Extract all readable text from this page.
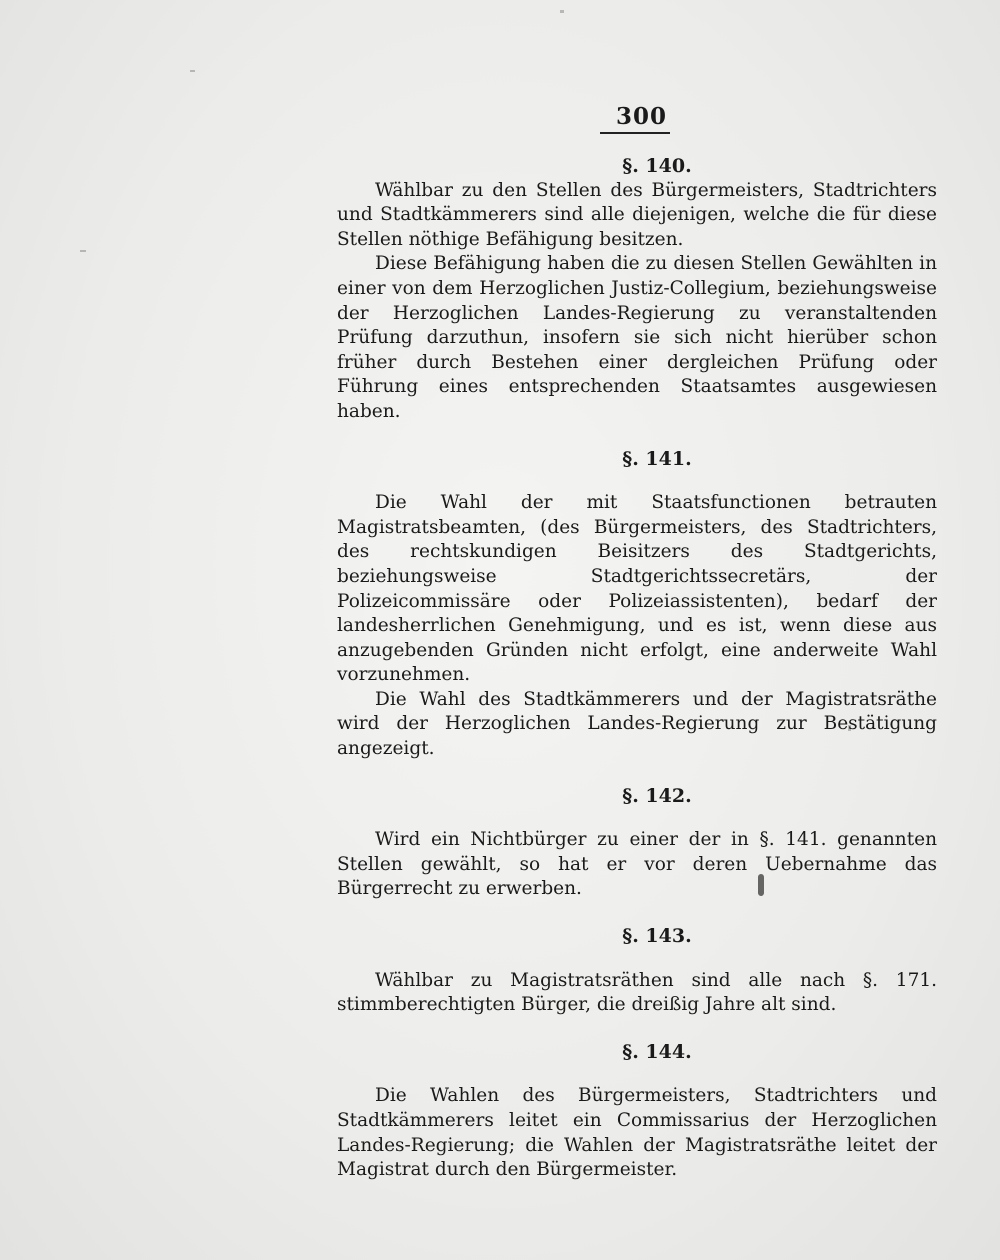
300

§. 140.

Wählbar zu den Stellen des Bürgermeisters, Stadtrichters und Stadtkämmerers sind alle diejenigen, welche die für diese Stellen nöthige Befähigung besitzen.

Diese Befähigung haben die zu diesen Stellen Gewählten in einer von dem Herzoglichen Justiz-Collegium, beziehungsweise der Herzoglichen Landes-Regierung zu veranstaltenden Prüfung darzuthun, insofern sie sich nicht hierüber schon früher durch Bestehen einer dergleichen Prüfung oder Führung eines entsprechenden Staatsamtes ausgewiesen haben.

§. 141.

Die Wahl der mit Staatsfunctionen betrauten Magistratsbeamten, (des Bürgermeisters, des Stadtrichters, des rechtskundigen Beisitzers des Stadtgerichts, beziehungsweise Stadtgerichtssecretärs, der Polizeicommissäre oder Polizeiassistenten), bedarf der landesherrlichen Genehmigung, und es ist, wenn diese aus anzugebenden Gründen nicht erfolgt, eine anderweite Wahl vorzunehmen.

Die Wahl des Stadtkämmerers und der Magistratsräthe wird der Herzoglichen Landes-Regierung zur Bestätigung angezeigt.

§. 142.

Wird ein Nichtbürger zu einer der in §. 141. genannten Stellen gewählt, so hat er vor deren Uebernahme das Bürgerrecht zu erwerben.

§. 143.

Wählbar zu Magistratsräthen sind alle nach §. 171. stimmberechtigten Bürger, die dreißig Jahre alt sind.

§. 144.

Die Wahlen des Bürgermeisters, Stadtrichters und Stadtkämmerers leitet ein Commissarius der Herzoglichen Landes-Regierung; die Wahlen der Magistratsräthe leitet der Magistrat durch den Bürgermeister.
